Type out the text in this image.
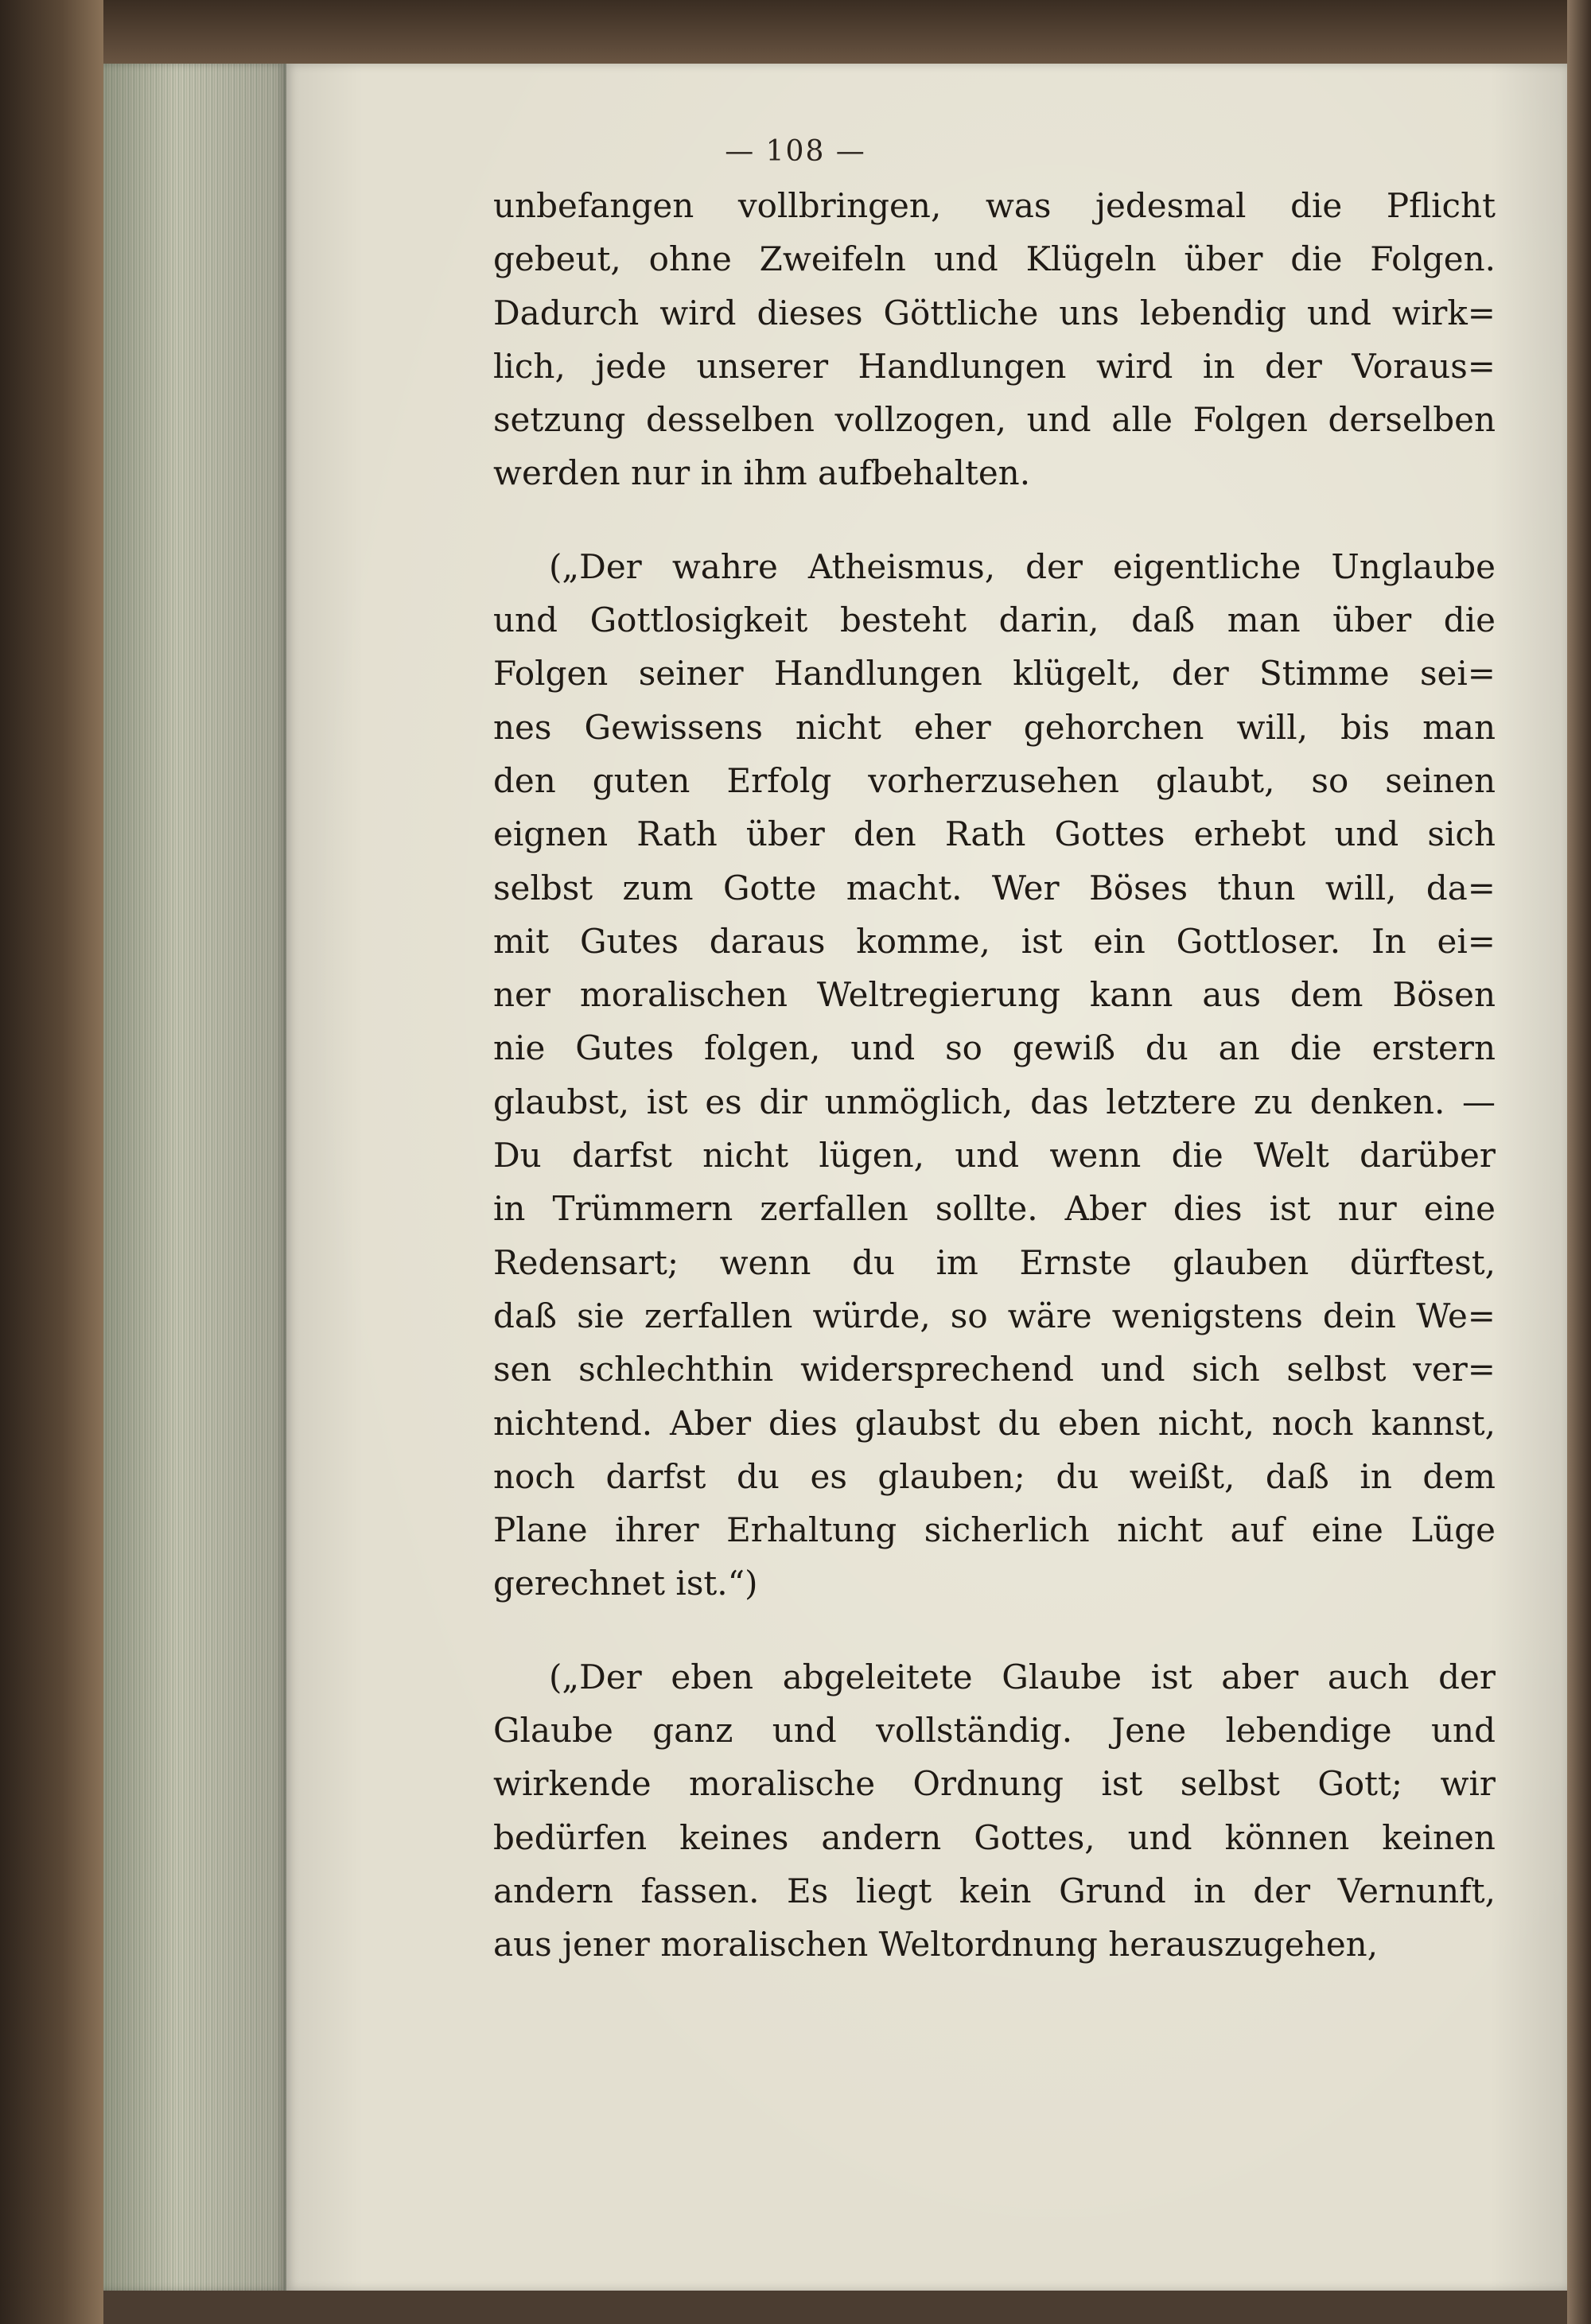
— 108 —
unbefangen vollbringen, was jedesmal die Pflicht
gebeut, ohne Zweifeln und Klügeln über die Folgen.
Dadurch wird dieses Göttliche uns lebendig und wirk=
lich, jede unserer Handlungen wird in der Voraus=
setzung desselben vollzogen, und alle Folgen derselben
werden nur in ihm aufbehalten.
(„Der wahre Atheismus, der eigentliche Unglaube
und Gottlosigkeit besteht darin, daß man über die
Folgen seiner Handlungen klügelt, der Stimme sei=
nes Gewissens nicht eher gehorchen will, bis man
den guten Erfolg vorherzusehen glaubt, so seinen
eignen Rath über den Rath Gottes erhebt und sich
selbst zum Gotte macht. Wer Böses thun will, da=
mit Gutes daraus komme, ist ein Gottloser. In ei=
ner moralischen Weltregierung kann aus dem Bösen
nie Gutes folgen, und so gewiß du an die erstern
glaubst, ist es dir unmöglich, das letztere zu denken. —
Du darfst nicht lügen, und wenn die Welt darüber
in Trümmern zerfallen sollte. Aber dies ist nur eine
Redensart; wenn du im Ernste glauben dürftest,
daß sie zerfallen würde, so wäre wenigstens dein We=
sen schlechthin widersprechend und sich selbst ver=
nichtend. Aber dies glaubst du eben nicht, noch kannst,
noch darfst du es glauben; du weißt, daß in dem
Plane ihrer Erhaltung sicherlich nicht auf eine Lüge
gerechnet ist.“)
(„Der eben abgeleitete Glaube ist aber auch der
Glaube ganz und vollständig. Jene lebendige und
wirkende moralische Ordnung ist selbst Gott; wir
bedürfen keines andern Gottes, und können keinen
andern fassen. Es liegt kein Grund in der Vernunft,
aus jener moralischen Weltordnung herauszugehen,
